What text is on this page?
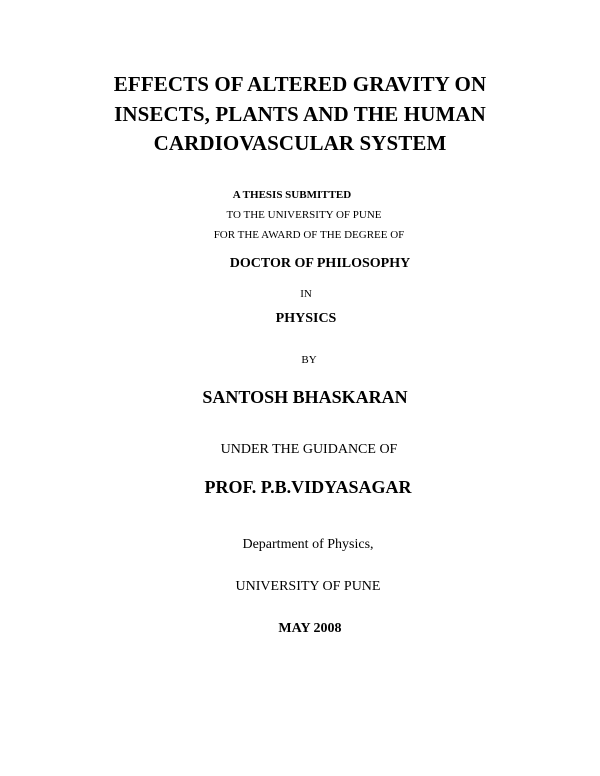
EFFECTS OF ALTERED GRAVITY ON
INSECTS, PLANTS AND THE HUMAN
CARDIOVASCULAR SYSTEM
A THESIS SUBMITTED
TO THE UNIVERSITY OF PUNE
FOR THE AWARD OF THE DEGREE OF
DOCTOR OF PHILOSOPHY
IN
PHYSICS
BY
SANTOSH BHASKARAN
UNDER THE GUIDANCE OF
PROF. P.B.VIDYASAGAR
Department of Physics,
UNIVERSITY OF PUNE
MAY 2008
